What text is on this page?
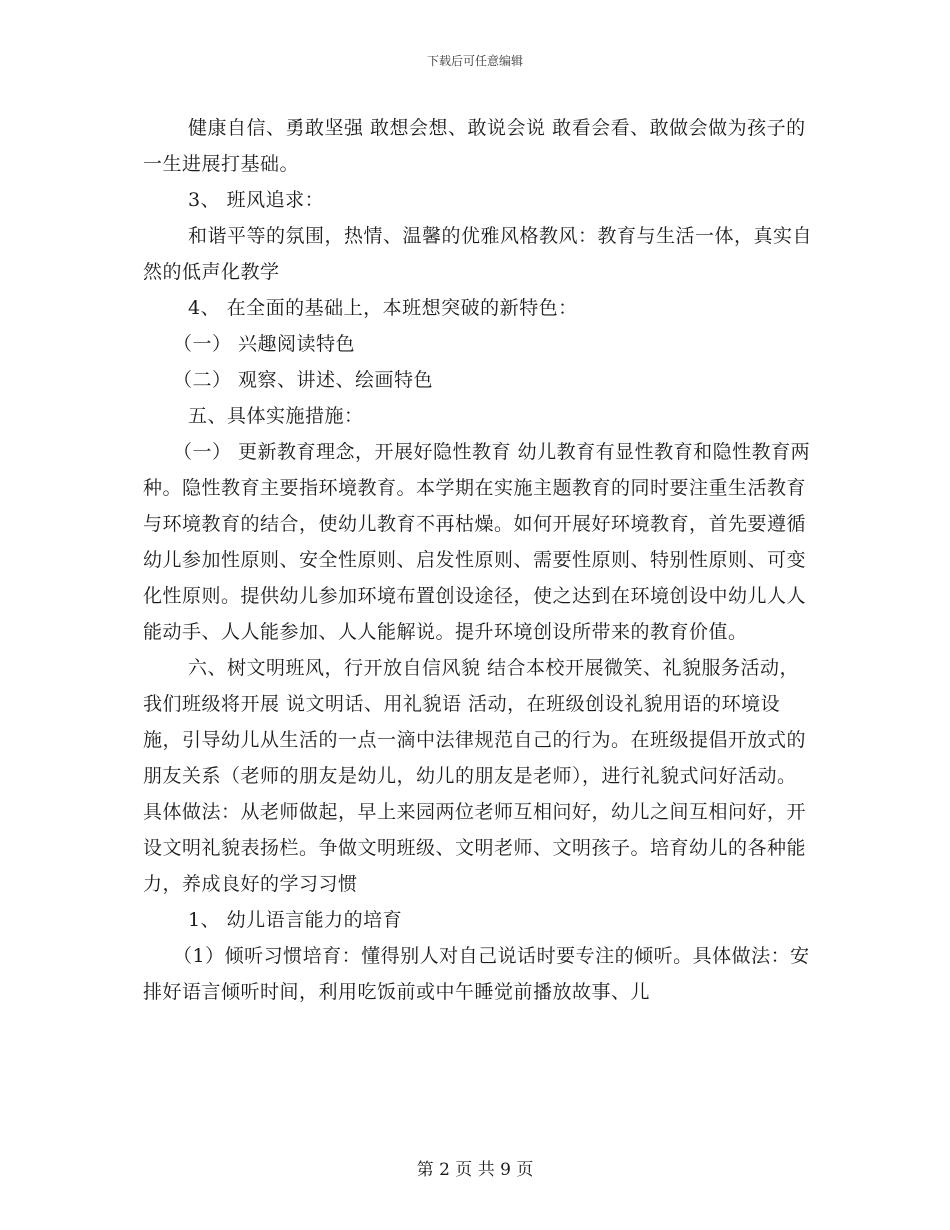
下载后可任意编辑

健康自信、勇敢坚强 敢想会想、敢说会说 敢看会看、敢做会做为孩子的一生进展打基础。

3、 班风追求：

和谐平等的氛围，热情、温馨的优雅风格教风：教育与生活一体，真实自然的低声化教学

4、 在全面的基础上，本班想突破的新特色：

（一） 兴趣阅读特色

（二） 观察、讲述、绘画特色

五、具体实施措施：

（一） 更新教育理念，开展好隐性教育 幼儿教育有显性教育和隐性教育两种。隐性教育主要指环境教育。本学期在实施主题教育的同时要注重生活教育与环境教育的结合，使幼儿教育不再枯燥。如何开展好环境教育，首先要遵循幼儿参加性原则、安全性原则、启发性原则、需要性原则、特别性原则、可变化性原则。提供幼儿参加环境布置创设途径，使之达到在环境创设中幼儿人人能动手、人人能参加、人人能解说。提升环境创设所带来的教育价值。

六、树文明班风，行开放自信风貌 结合本校开展微笑、礼貌服务活动，我们班级将开展 说文明话、用礼貌语 活动，在班级创设礼貌用语的环境设施，引导幼儿从生活的一点一滴中法律规范自己的行为。在班级提倡开放式的朋友关系（老师的朋友是幼儿，幼儿的朋友是老师），进行礼貌式问好活动。具体做法：从老师做起，早上来园两位老师互相问好，幼儿之间互相问好，开设文明礼貌表扬栏。争做文明班级、文明老师、文明孩子。培育幼儿的各种能力，养成良好的学习习惯

1、 幼儿语言能力的培育

（1）倾听习惯培育：懂得别人对自己说话时要专注的倾听。具体做法：安排好语言倾听时间，利用吃饭前或中午睡觉前播放故事、儿

第 2 页 共 9 页
